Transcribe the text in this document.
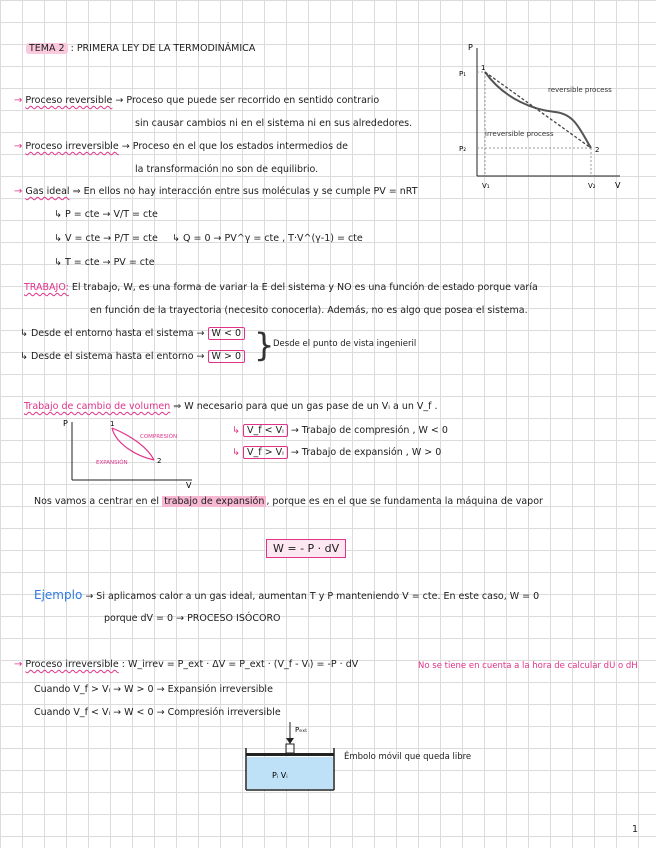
TEMA 2 : PRIMERA LEY DE LA TERMODINÁMICA	P
P₁
P₂
V₁	V₂ V
1
2
reversible process
irreversible process
→ Proceso reversible → Proceso que puede ser recorrido en sentido contrario
sin causar cambios ni en el sistema ni en sus alrededores.
→ Proceso irreversible → Proceso en el que los estados intermedios de
la transformación no son de equilibrio.
→ Gas ideal ⇒ En ellos no hay interacción entre sus moléculas y se cumple PV = nRT
↳ P = cte → V/T = cte
↳ V = cte → P/T = cte ↳ Q = 0 → PV^γ = cte , T·V^(γ-1) = cte
↳ T = cte → PV = cte
TRABAJO: El trabajo, W, es una forma de variar la E del sistema y NO es una función de estado porque varía
en función de la trayectoria (necesito conocerla). Además, no es algo que posea el sistema.
↳ Desde el entorno hasta el sistema → W < 0
↳ Desde el sistema hasta el entorno → W > 0 }
Desde el punto de vista ingenieril
Trabajo de cambio de volumen ⇒ W necesario para que un gas pase de un Vᵢ a un V_f .
P
V
1
2
COMPRESIÓN
EXPANSIÓN
↳ V_f < Vᵢ → Trabajo de compresión , W < 0
↳ V_f > Vᵢ → Trabajo de expansión , W > 0
Nos vamos a centrar en el trabajo de expansión , porque es en el que se fundamenta la máquina de vapor
W = - P · dV
Ejemplo → Si aplicamos calor a un gas ideal, aumentan T y P manteniendo V = cte. En este caso, W = 0
porque dV = 0 → PROCESO ISÓCORO
→ Proceso irreversible : W_irrev = P_ext · ΔV = P_ext · (V_f - Vᵢ) = -P · dV	No se tiene en cuenta a la hora de calcular dU o dH
Cuando V_f > Vᵢ → W > 0 → Expansión irreversible
Cuando V_f < Vᵢ → W < 0 → Compresión irreversible
Pₑₓₜ
Pᵢ Vᵢ
Émbolo móvil que queda libre
1
